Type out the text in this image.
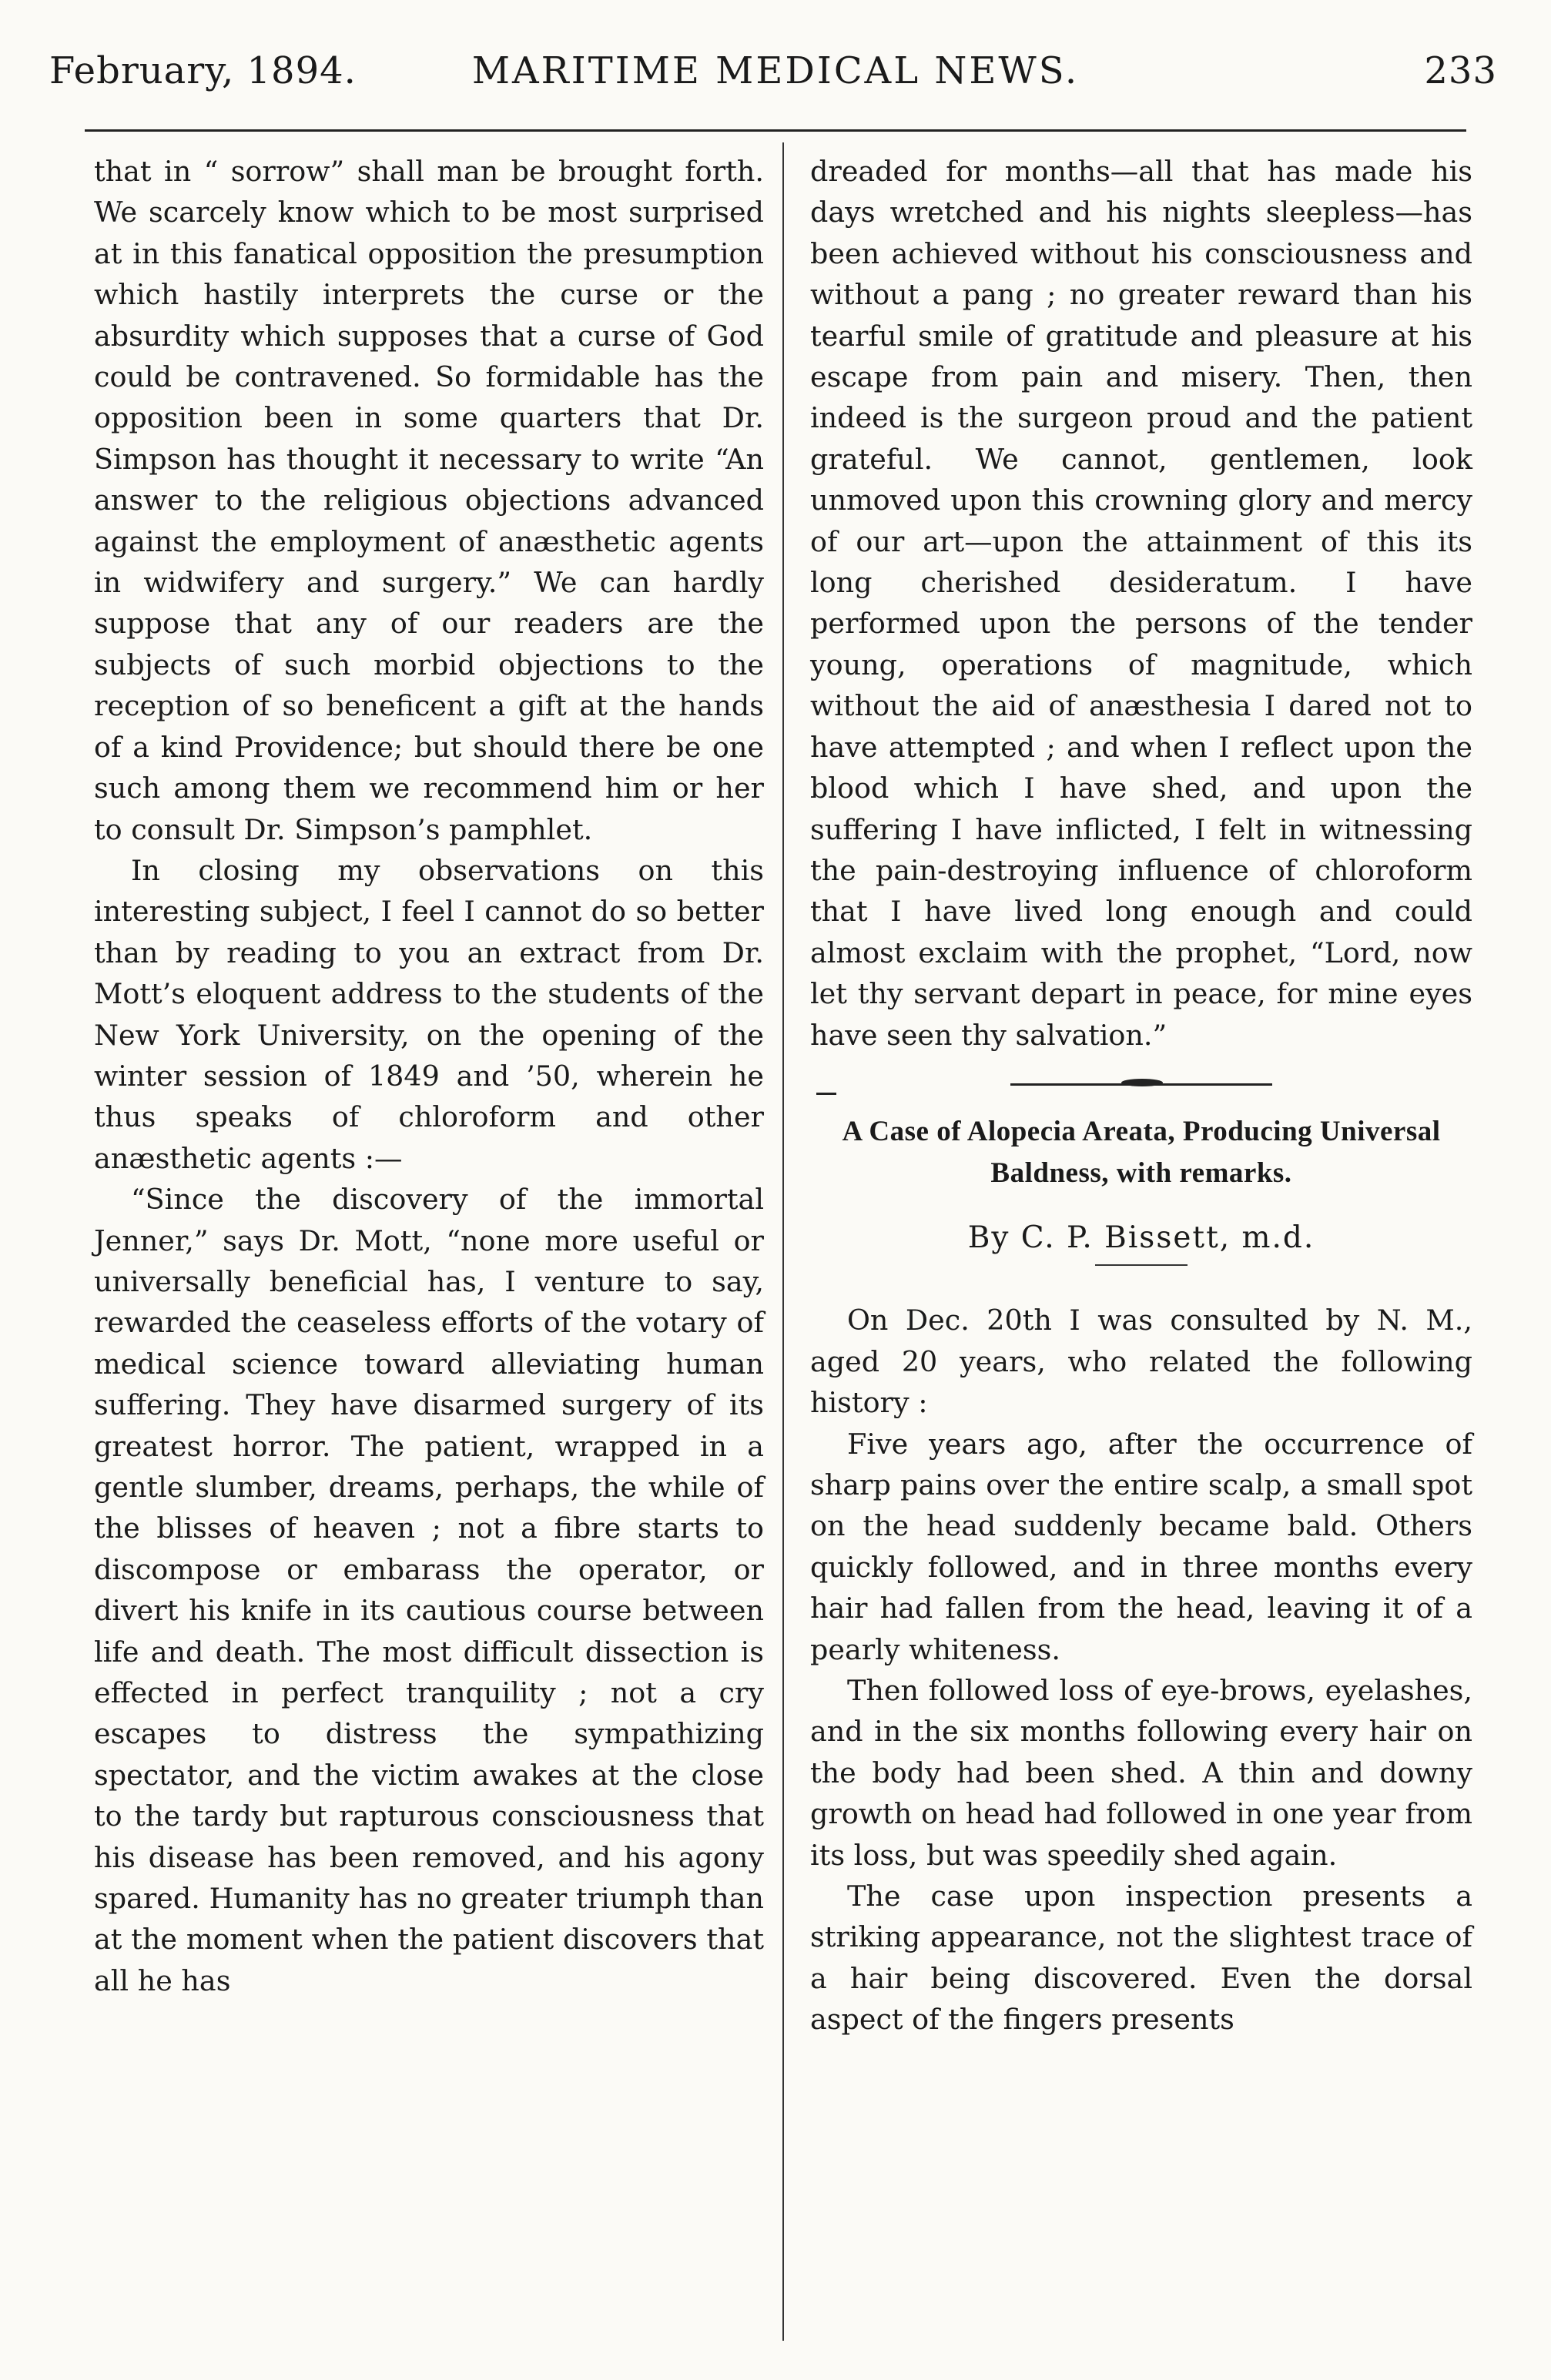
February, 1894.	MARITIME MEDICAL NEWS.	233

that in “ sorrow” shall man be brought forth. We scarcely know which to be most surprised at in this fanatical opposition the presumption which hastily interprets the curse or the absurdity which supposes that a curse of God could be contravened. So formidable has the opposition been in some quarters that Dr. Simpson has thought it necessary to write “An answer to the religious objections advanced against the employment of anæsthetic agents in widwifery and surgery.” We can hardly suppose that any of our readers are the subjects of such morbid objections to the reception of so beneficent a gift at the hands of a kind Providence; but should there be one such among them we recommend him or her to consult Dr. Simpson’s pamphlet.

In closing my observations on this interesting subject, I feel I cannot do so better than by reading to you an extract from Dr. Mott’s eloquent address to the students of the New York University, on the opening of the winter session of 1849 and ’50, wherein he thus speaks of chloroform and other anæsthetic agents :—

“Since the discovery of the immortal Jenner,” says Dr. Mott, “none more useful or universally beneficial has, I venture to say, rewarded the ceaseless efforts of the votary of medical science toward alleviating human suffering. They have disarmed surgery of its greatest horror. The patient, wrapped in a gentle slumber, dreams, perhaps, the while of the blisses of heaven ; not a fibre starts to discompose or embarass the operator, or divert his knife in its cautious course between life and death. The most difficult dissection is effected in perfect tranquility ; not a cry escapes to distress the sympathizing spectator, and the victim awakes at the close to the tardy but rapturous consciousness that his disease has been removed, and his agony spared. Humanity has no greater triumph than at the moment when the patient discovers that all he has

dreaded for months—all that has made his days wretched and his nights sleepless—has been achieved without his consciousness and without a pang ; no greater reward than his tearful smile of gratitude and pleasure at his escape from pain and misery. Then, then indeed is the surgeon proud and the patient grateful. We cannot, gentlemen, look unmoved upon this crowning glory and mercy of our art—upon the attainment of this its long cherished desideratum. I have performed upon the persons of the tender young, operations of magnitude, which without the aid of anæsthesia I dared not to have attempted ; and when I reflect upon the blood which I have shed, and upon the suffering I have inflicted, I felt in witnessing the pain-destroying influence of chloroform that I have lived long enough and could almost exclaim with the prophet, “Lord, now let thy servant depart in peace, for mine eyes have seen thy salvation.”

A Case of Alopecia Areata, Producing Universal Baldness, with remarks.
By C. P. Bissett, m.d.

On Dec. 20th I was consulted by N. M., aged 20 years, who related the following history :

Five years ago, after the occurrence of sharp pains over the entire scalp, a small spot on the head suddenly became bald. Others quickly followed, and in three months every hair had fallen from the head, leaving it of a pearly whiteness.

Then followed loss of eye-brows, eyelashes, and in the six months following every hair on the body had been shed. A thin and downy growth on head had followed in one year from its loss, but was speedily shed again.

The case upon inspection presents a striking appearance, not the slightest trace of a hair being discovered. Even the dorsal aspect of the fingers presents
